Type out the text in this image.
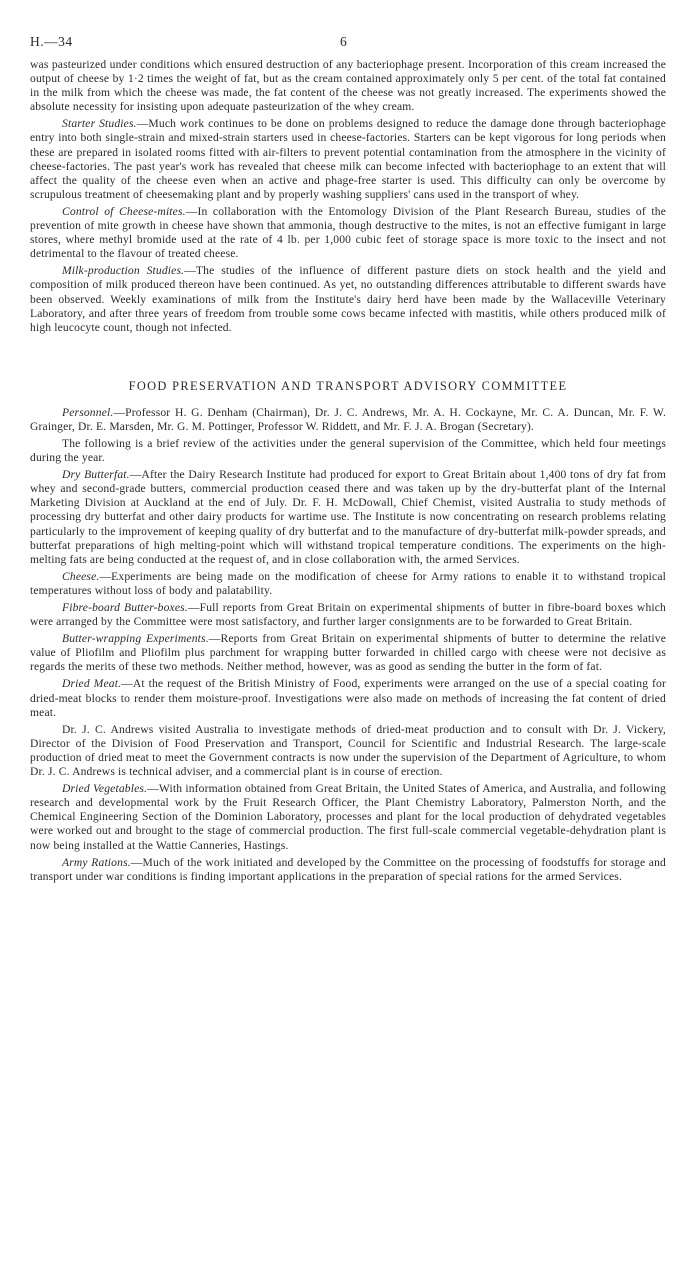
H.—34	6

was pasteurized under conditions which ensured destruction of any bacteriophage present. Incorporation of this cream increased the output of cheese by 1·2 times the weight of fat, but as the cream contained approximately only 5 per cent. of the total fat contained in the milk from which the cheese was made, the fat content of the cheese was not greatly increased. The experiments showed the absolute necessity for insisting upon adequate pasteurization of the whey cream.

Starter Studies.—Much work continues to be done on problems designed to reduce the damage done through bacteriophage entry into both single-strain and mixed-strain starters used in cheese-factories. Starters can be kept vigorous for long periods when these are prepared in isolated rooms fitted with air-filters to prevent potential contamination from the atmosphere in the vicinity of cheese-factories. The past year's work has revealed that cheese milk can become infected with bacteriophage to an extent that will affect the quality of the cheese even when an active and phage-free starter is used. This difficulty can only be overcome by scrupulous treatment of cheesemaking plant and by properly washing suppliers' cans used in the transport of whey.

Control of Cheese-mites.—In collaboration with the Entomology Division of the Plant Research Bureau, studies of the prevention of mite growth in cheese have shown that ammonia, though destructive to the mites, is not an effective fumigant in large stores, where methyl bromide used at the rate of 4 lb. per 1,000 cubic feet of storage space is more toxic to the insect and not detrimental to the flavour of treated cheese.

Milk-production Studies.—The studies of the influence of different pasture diets on stock health and the yield and composition of milk produced thereon have been continued. As yet, no outstanding differences attributable to different swards have been observed. Weekly examinations of milk from the Institute's dairy herd have been made by the Wallaceville Veterinary Laboratory, and after three years of freedom from trouble some cows became infected with mastitis, while others produced milk of high leucocyte count, though not infected.

FOOD PRESERVATION AND TRANSPORT ADVISORY COMMITTEE

Personnel.—Professor H. G. Denham (Chairman), Dr. J. C. Andrews, Mr. A. H. Cockayne, Mr. C. A. Duncan, Mr. F. W. Grainger, Dr. E. Marsden, Mr. G. M. Pottinger, Professor W. Riddett, and Mr. F. J. A. Brogan (Secretary).

The following is a brief review of the activities under the general supervision of the Committee, which held four meetings during the year.

Dry Butterfat.—After the Dairy Research Institute had produced for export to Great Britain about 1,400 tons of dry fat from whey and second-grade butters, commercial production ceased there and was taken up by the dry-butterfat plant of the Internal Marketing Division at Auckland at the end of July. Dr. F. H. McDowall, Chief Chemist, visited Australia to study methods of processing dry butterfat and other dairy products for wartime use. The Institute is now concentrating on research problems relating particularly to the improvement of keeping quality of dry butterfat and to the manufacture of dry-butterfat milk-powder spreads, and butterfat preparations of high melting-point which will withstand tropical temperature conditions. The experiments on the high-melting fats are being conducted at the request of, and in close collaboration with, the armed Services.

Cheese.—Experiments are being made on the modification of cheese for Army rations to enable it to withstand tropical temperatures without loss of body and palatability.

Fibre-board Butter-boxes.—Full reports from Great Britain on experimental shipments of butter in fibre-board boxes which were arranged by the Committee were most satisfactory, and further larger consignments are to be forwarded to Great Britain.

Butter-wrapping Experiments.—Reports from Great Britain on experimental shipments of butter to determine the relative value of Pliofilm and Pliofilm plus parchment for wrapping butter forwarded in chilled cargo with cheese were not decisive as regards the merits of these two methods. Neither method, however, was as good as sending the butter in the form of fat.

Dried Meat.—At the request of the British Ministry of Food, experiments were arranged on the use of a special coating for dried-meat blocks to render them moisture-proof. Investigations were also made on methods of increasing the fat content of dried meat.

Dr. J. C. Andrews visited Australia to investigate methods of dried-meat production and to consult with Dr. J. Vickery, Director of the Division of Food Preservation and Transport, Council for Scientific and Industrial Research. The large-scale production of dried meat to meet the Government contracts is now under the supervision of the Department of Agriculture, to whom Dr. J. C. Andrews is technical adviser, and a commercial plant is in course of erection.

Dried Vegetables.—With information obtained from Great Britain, the United States of America, and Australia, and following research and developmental work by the Fruit Research Officer, the Plant Chemistry Laboratory, Palmerston North, and the Chemical Engineering Section of the Dominion Laboratory, processes and plant for the local production of dehydrated vegetables were worked out and brought to the stage of commercial production. The first full-scale commercial vegetable-dehydration plant is now being installed at the Wattie Canneries, Hastings.

Army Rations.—Much of the work initiated and developed by the Committee on the processing of foodstuffs for storage and transport under war conditions is finding important applications in the preparation of special rations for the armed Services.
